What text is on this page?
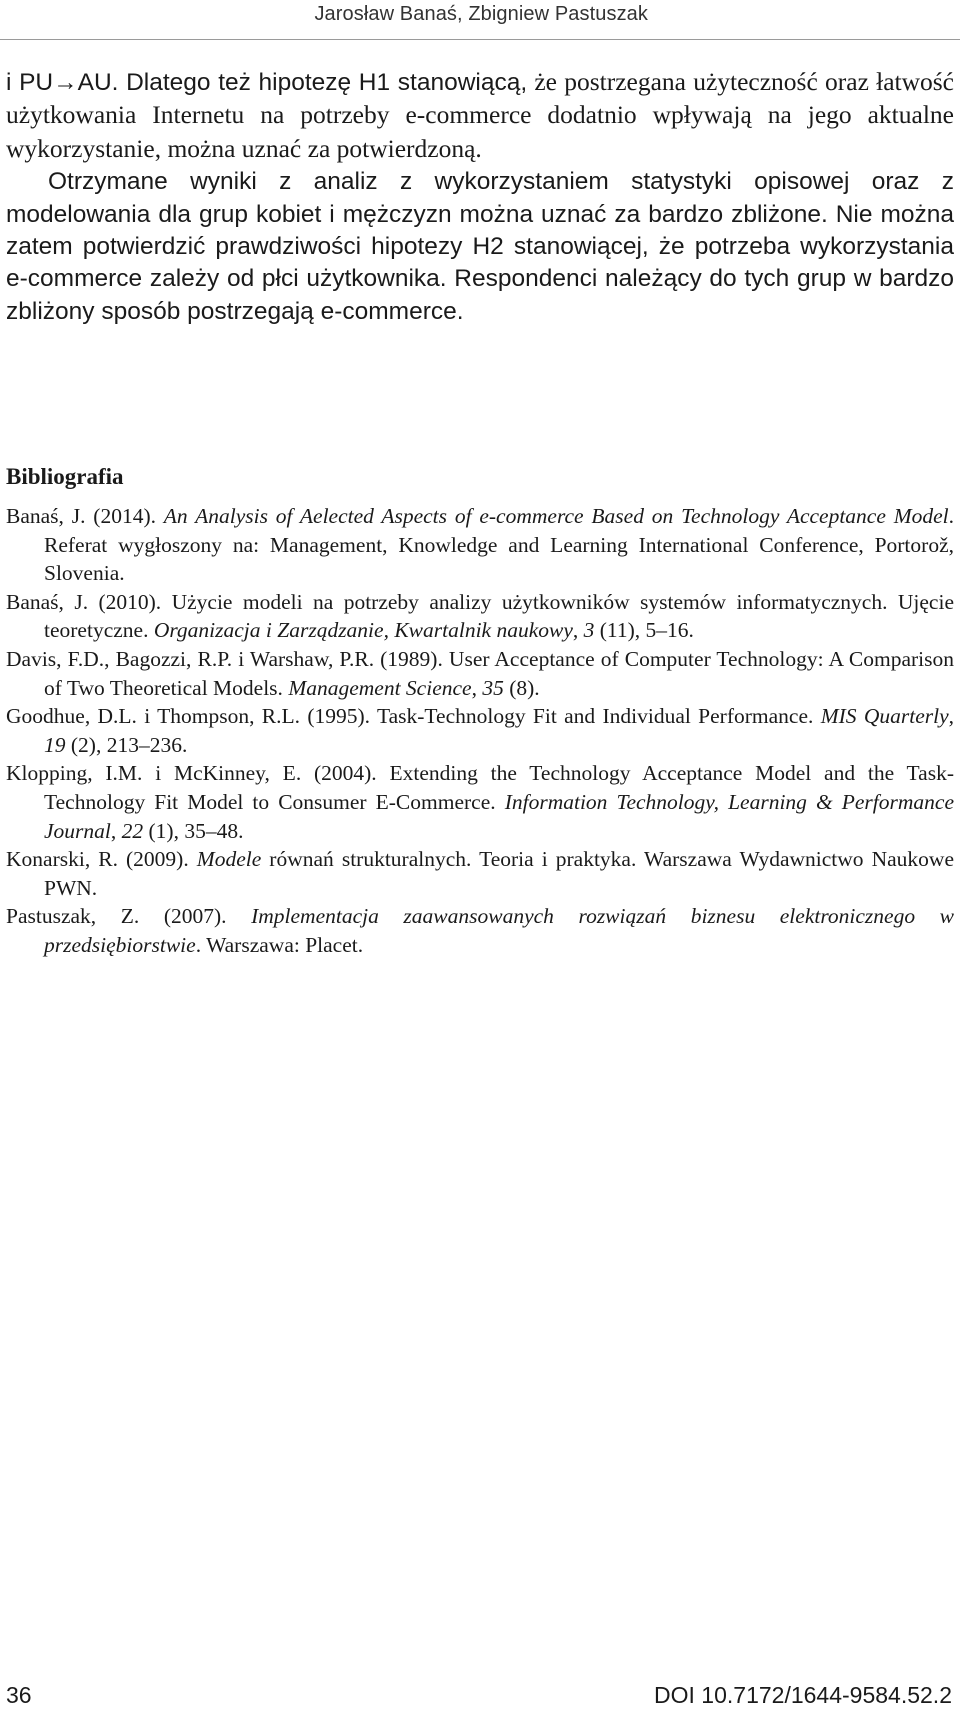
Jarosław Banaś, Zbigniew Pastuszak

i PU→AU. Dlatego też hipotezę H1 stanowiącą, że postrzegana użyteczność oraz łatwość użytkowania Internetu na potrzeby e-commerce dodatnio wpływają na jego aktualne wykorzystanie, można uznać za potwierdzoną.

Otrzymane wyniki z analiz z wykorzystaniem statystyki opisowej oraz z modelowania dla grup kobiet i mężczyzn można uznać za bardzo zbliżone. Nie można zatem potwierdzić prawdziwości hipotezy H2 stanowiącej, że potrzeba wykorzystania e-commerce zależy od płci użytkownika. Respondenci należący do tych grup w bardzo zbliżony sposób postrzegają e-commerce.

Bibliografia

Banaś, J. (2014). An Analysis of Aelected Aspects of e-commerce Based on Technology Acceptance Model. Referat wygłoszony na: Management, Knowledge and Learning International Conference, Portorož, Slovenia.

Banaś, J. (2010). Użycie modeli na potrzeby analizy użytkowników systemów informatycznych. Ujęcie teoretyczne. Organizacja i Zarządzanie, Kwartalnik naukowy, 3 (11), 5–16.

Davis, F.D., Bagozzi, R.P. i Warshaw, P.R. (1989). User Acceptance of Computer Technology: A Comparison of Two Theoretical Models. Management Science, 35 (8).

Goodhue, D.L. i Thompson, R.L. (1995). Task-Technology Fit and Individual Performance. MIS Quarterly, 19 (2), 213–236.

Klopping, I.M. i McKinney, E. (2004). Extending the Technology Acceptance Model and the Task-Technology Fit Model to Consumer E-Commerce. Information Technology, Learning & Performance Journal, 22 (1), 35–48.

Konarski, R. (2009). Modele równań strukturalnych. Teoria i praktyka. Warszawa Wydawnictwo Naukowe PWN.

Pastuszak, Z. (2007). Implementacja zaawansowanych rozwiązań biznesu elektronicznego w przedsiębiorstwie. Warszawa: Placet.

36	DOI 10.7172/1644-9584.52.2
